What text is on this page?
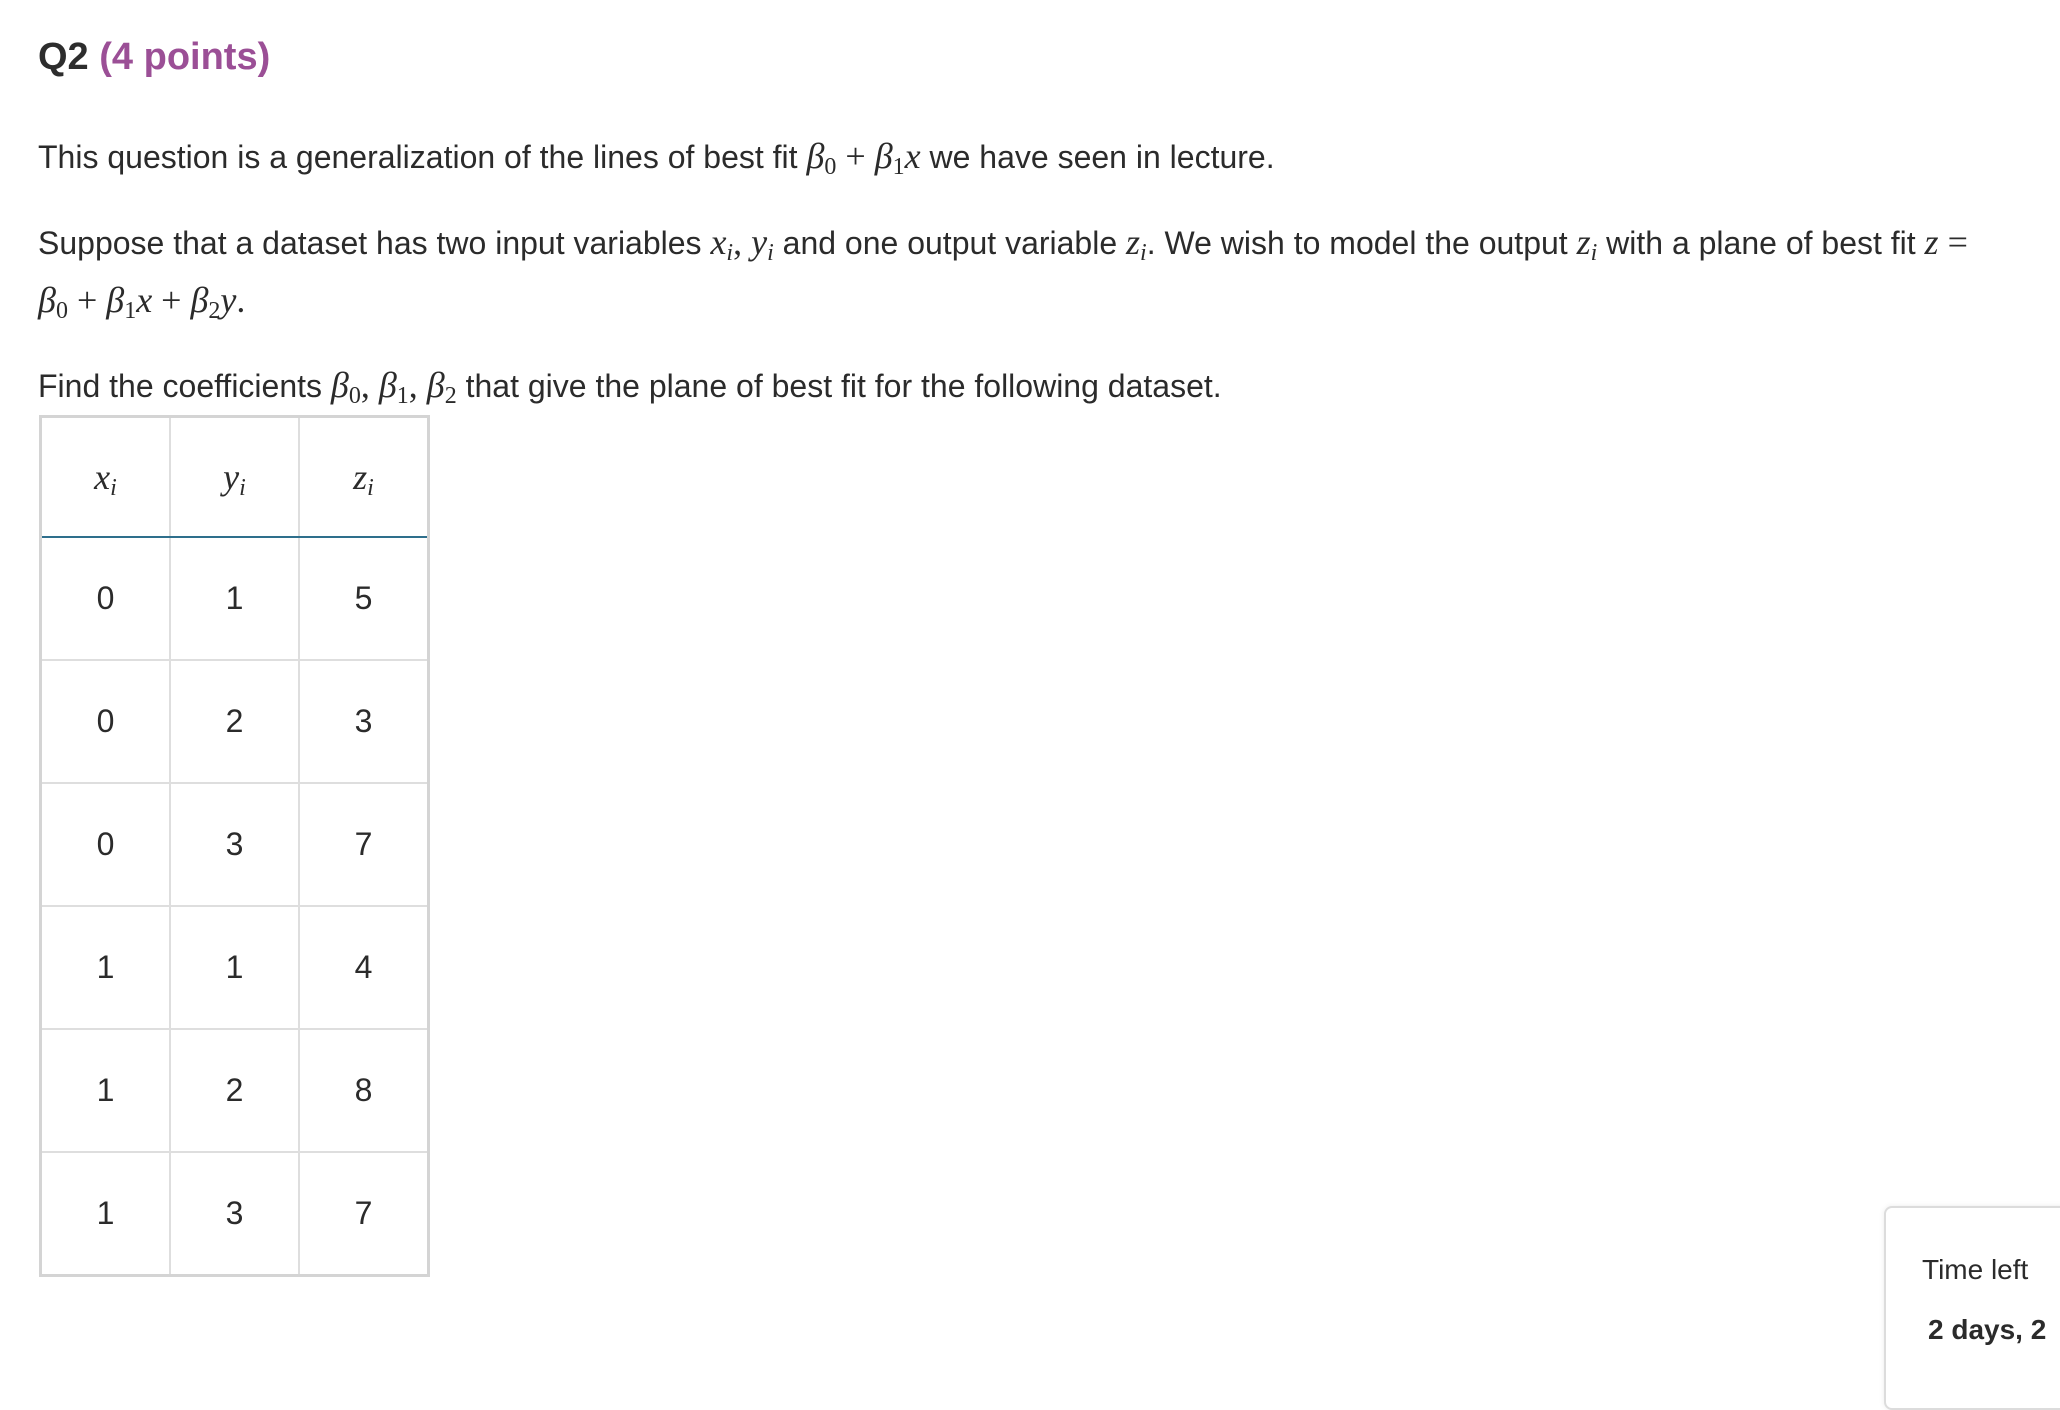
Q2 (4 points)

This question is a generalization of the lines of best fit $\beta_0 + \beta_1x$ we have seen in lecture.

Suppose that a dataset has two input variables $x_i$, $y_i$ and one output variable $z_i$. We wish to model the output $z_i$ with a plane of best fit $z = \beta_0 + \beta_1x + \beta_2y$.

Find the coefficients $\beta_0$, $\beta_1$, $\beta_2$ that give the plane of best fit for the following dataset.

$x_i$	$y_i$	$z_i$
0	1	5
0	2	3
0	3	7
1	1	4
1	2	8
1	3	7
Time left
2 days, 2
